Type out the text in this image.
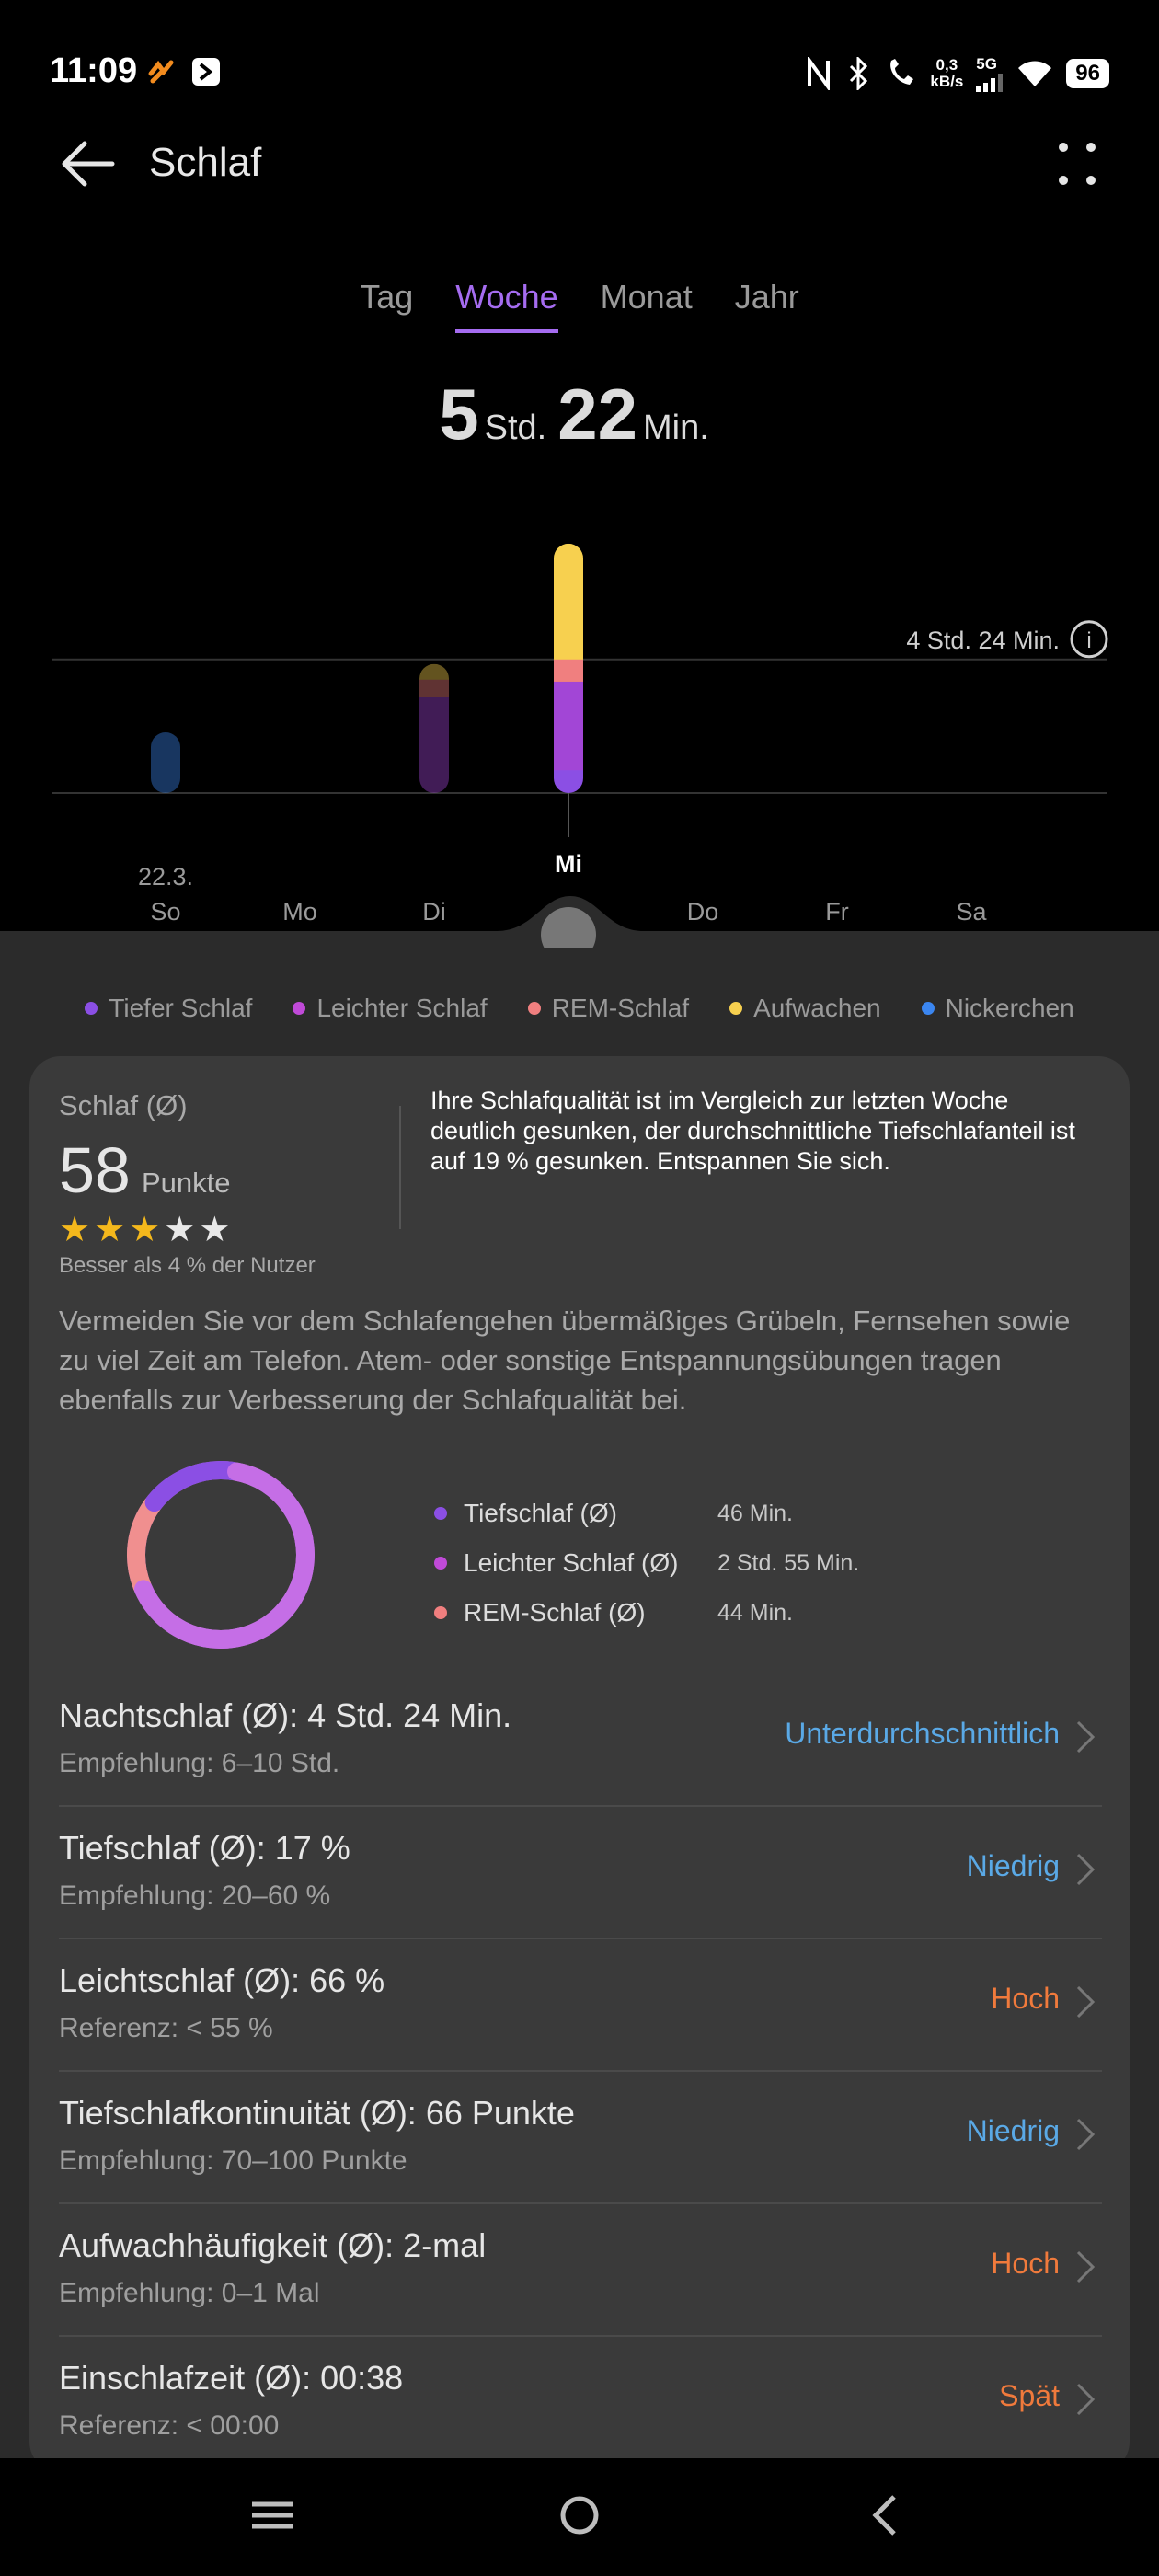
11:09	0,3
kB/s
5G	96
Schlaf
Tag Woche Monat Jahr
5 Std. 22 Min.
4 Std. 24 Min. i
So	Mo	Di
Mi
Do	Fr	Sa
22.3.
Tiefer Schlaf	Leichter Schlaf	REM-Schlaf	Aufwachen	Nickerchen
Schlaf (Ø)
58 Punkte
★★★★★
Besser als 4 % der Nutzer
Ihre Schlafqualität ist im Vergleich zur letzten Woche deutlich gesunken, der durchschnittliche Tiefschlafanteil ist auf 19 % gesunken. Entspannen Sie sich.
Vermeiden Sie vor dem Schlafengehen übermäßiges Grübeln, Fernsehen sowie zu viel Zeit am Telefon. Atem- oder sonstige Entspannungsübungen tragen ebenfalls zur Verbesserung der Schlafqualität bei.
Tiefschlaf (Ø)	46 Min.
Leichter Schlaf (Ø)	2 Std. 55 Min.
REM-Schlaf (Ø)	44 Min.
Nachtschlaf (Ø): 4 Std. 24 Min.
Empfehlung: 6–10 Std.
Unterdurchschnittlich
Tiefschlaf (Ø): 17 %
Empfehlung: 20–60 %
Niedrig
Leichtschlaf (Ø): 66 %
Referenz: < 55 %
Hoch
Tiefschlafkontinuität (Ø): 66 Punkte
Empfehlung: 70–100 Punkte
Niedrig
Aufwachhäufigkeit (Ø): 2-mal
Empfehlung: 0–1 Mal
Hoch
Einschlafzeit (Ø): 00:38
Referenz: < 00:00
Spät
